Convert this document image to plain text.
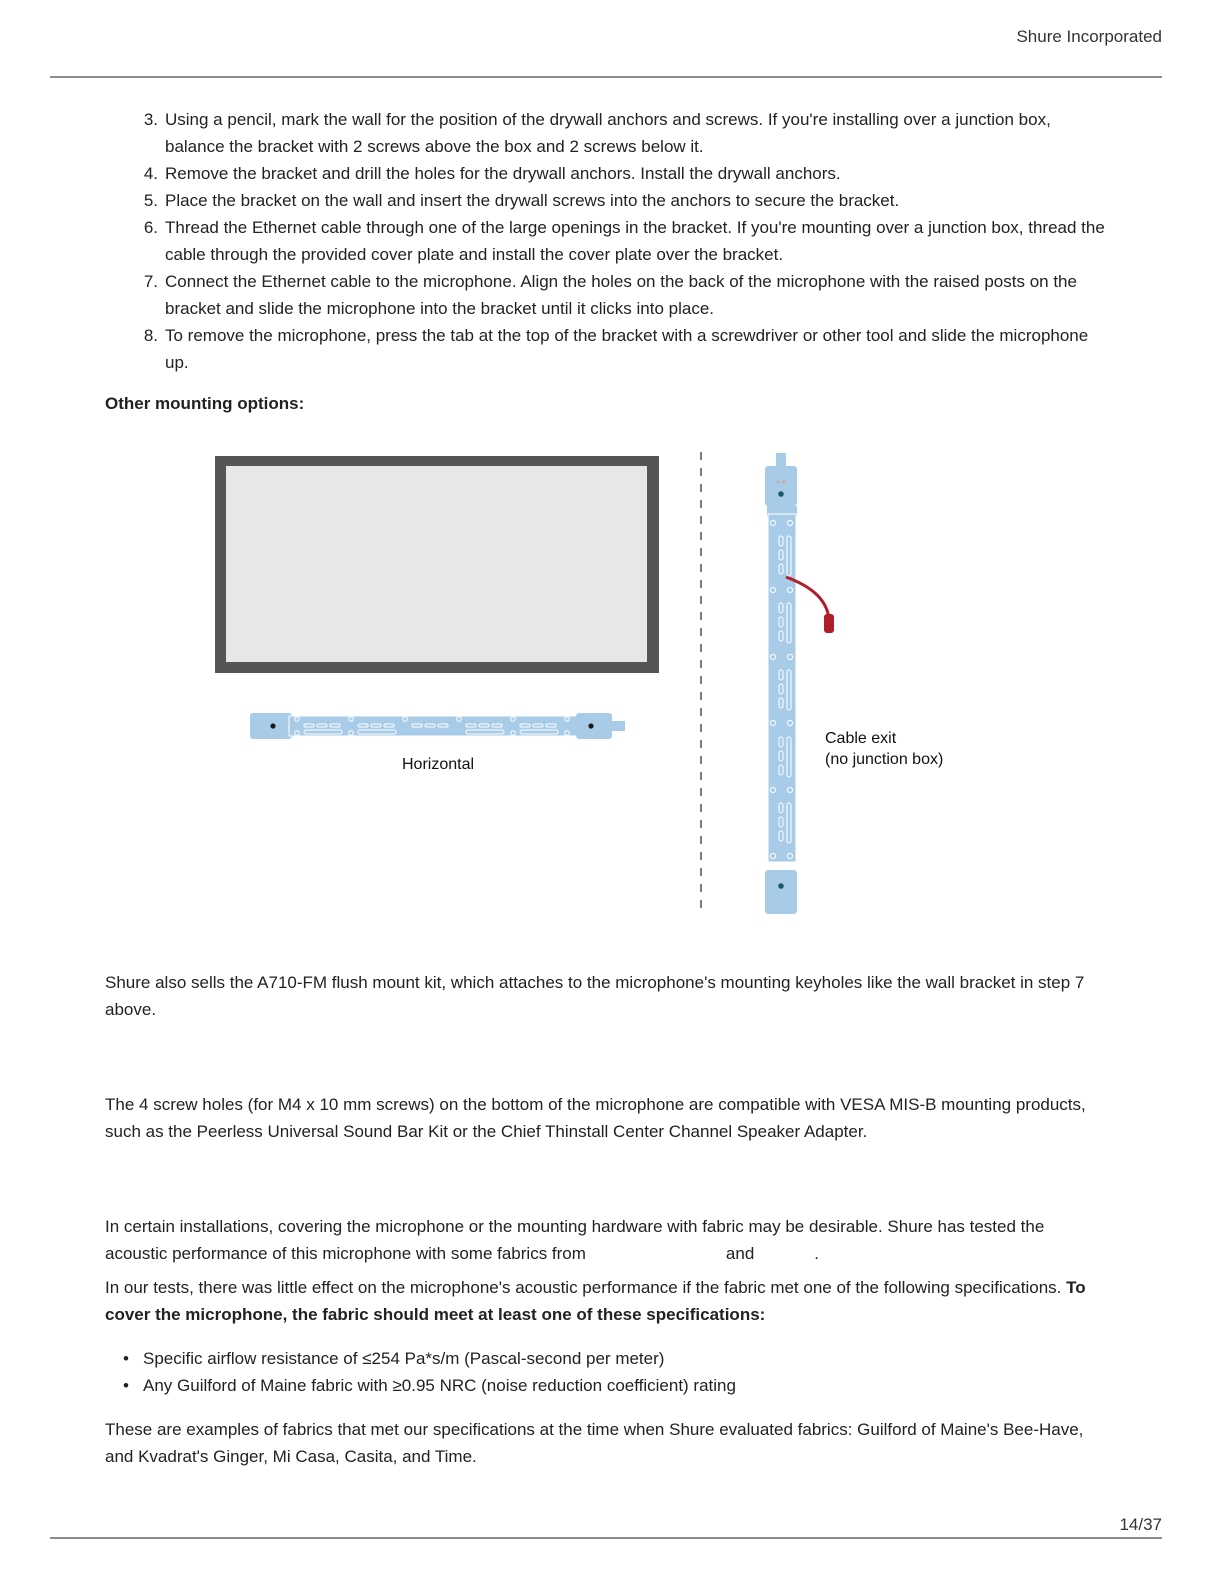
Shure Incorporated
3. Using a pencil, mark the wall for the position of the drywall anchors and screws. If you're installing over a junction box, balance the bracket with 2 screws above the box and 2 screws below it.
4. Remove the bracket and drill the holes for the drywall anchors. Install the drywall anchors.
5. Place the bracket on the wall and insert the drywall screws into the anchors to secure the bracket.
6. Thread the Ethernet cable through one of the large openings in the bracket. If you're mounting over a junction box, thread the cable through the provided cover plate and install the cover plate over the bracket.
7. Connect the Ethernet cable to the microphone. Align the holes on the back of the microphone with the raised posts on the bracket and slide the microphone into the bracket until it clicks into place.
8. To remove the microphone, press the tab at the top of the bracket with a screwdriver or other tool and slide the microphone up.
Other mounting options:
Horizontal
Cable exit
(no junction box)

Shure also sells the A710-FM flush mount kit, which attaches to the microphone's mounting keyholes like the wall bracket in step 7 above.

The 4 screw holes (for M4 x 10 mm screws) on the bottom of the microphone are compatible with VESA MIS-B mounting products, such as the Peerless Universal Sound Bar Kit or the Chief Thinstall Center Channel Speaker Adapter.

In certain installations, covering the microphone or the mounting hardware with fabric may be desirable. Shure has tested the acoustic performance of this microphone with some fabrics from	and	.

In our tests, there was little effect on the microphone's acoustic performance if the fabric met one of the following specifications. To cover the microphone, the fabric should meet at least one of these specifications:

• Specific airflow resistance of ≤254 Pa*s/m (Pascal-second per meter)
• Any Guilford of Maine fabric with ≥0.95 NRC (noise reduction coefficient) rating

These are examples of fabrics that met our specifications at the time when Shure evaluated fabrics: Guilford of Maine's Bee-Have, and Kvadrat's Ginger, Mi Casa, Casita, and Time.

14/37
